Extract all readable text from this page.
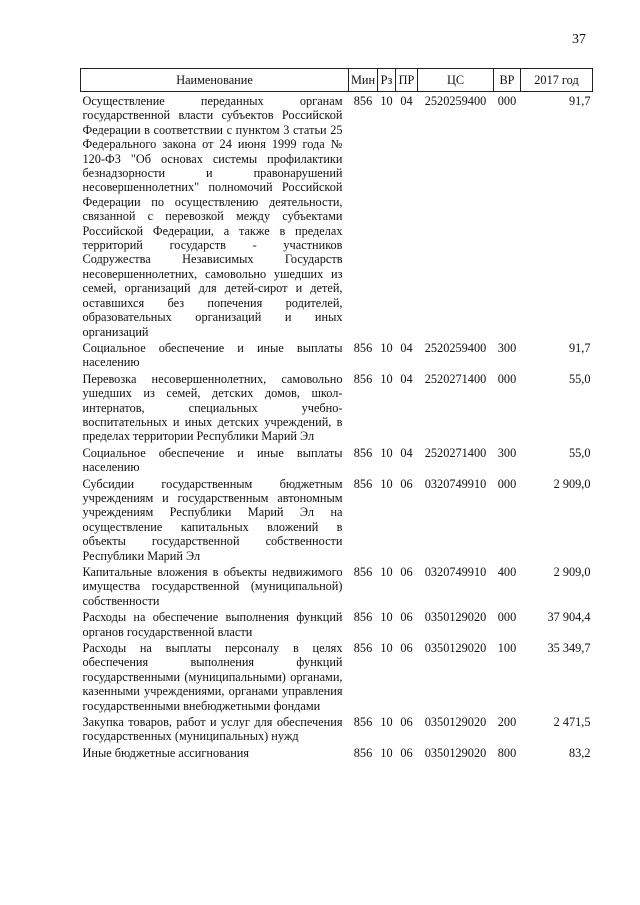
37
Наименование	Мин	Рз	ПР	ЦС	ВР	2017 год
Осуществление переданных органам государственной власти субъектов Российской Федерации в соответствии с пунктом 3 статьи 25 Федерального закона от 24 июня 1999 года № 120-ФЗ "Об основах системы профилактики безнадзорности и правонарушений несовершеннолетних" полномочий Российской Федерации по осуществлению деятельности, связанной с перевозкой между субъектами Российской Федерации, а также в пределах территорий государств - участников Содружества Независимых Государств несовершеннолетних, самовольно ушедших из семей, организаций для детей-сирот и детей, оставшихся без попечения родителей, образовательных организаций и иных организаций	856	10	04	2520259400	000	91,7
Социальное обеспечение и иные выплаты населению	856	10	04	2520259400	300	91,7
Перевозка несовершеннолетних, самовольно ушедших из семей, детских домов, школ-интернатов, специальных учебно-воспитательных и иных детских учреждений, в пределах территории Республики Марий Эл	856	10	04	2520271400	000	55,0
Социальное обеспечение и иные выплаты населению	856	10	04	2520271400	300	55,0
Субсидии государственным бюджетным учреждениям и государственным автономным учреждениям Республики Марий Эл на осуществление капитальных вложений в объекты государственной собственности Республики Марий Эл	856	10	06	0320749910	000	2 909,0
Капитальные вложения в объекты недвижимого имущества государственной (муниципальной) собственности	856	10	06	0320749910	400	2 909,0
Расходы на обеспечение выполнения функций органов государственной власти	856	10	06	0350129020	000	37 904,4
Расходы на выплаты персоналу в целях обеспечения выполнения функций государственными (муниципальными) органами, казенными учреждениями, органами управления государственными внебюджетными фондами	856	10	06	0350129020	100	35 349,7
Закупка товаров, работ и услуг для обеспечения государственных (муниципальных) нужд	856	10	06	0350129020	200	2 471,5
Иные бюджетные ассигнования	856	10	06	0350129020	800	83,2
